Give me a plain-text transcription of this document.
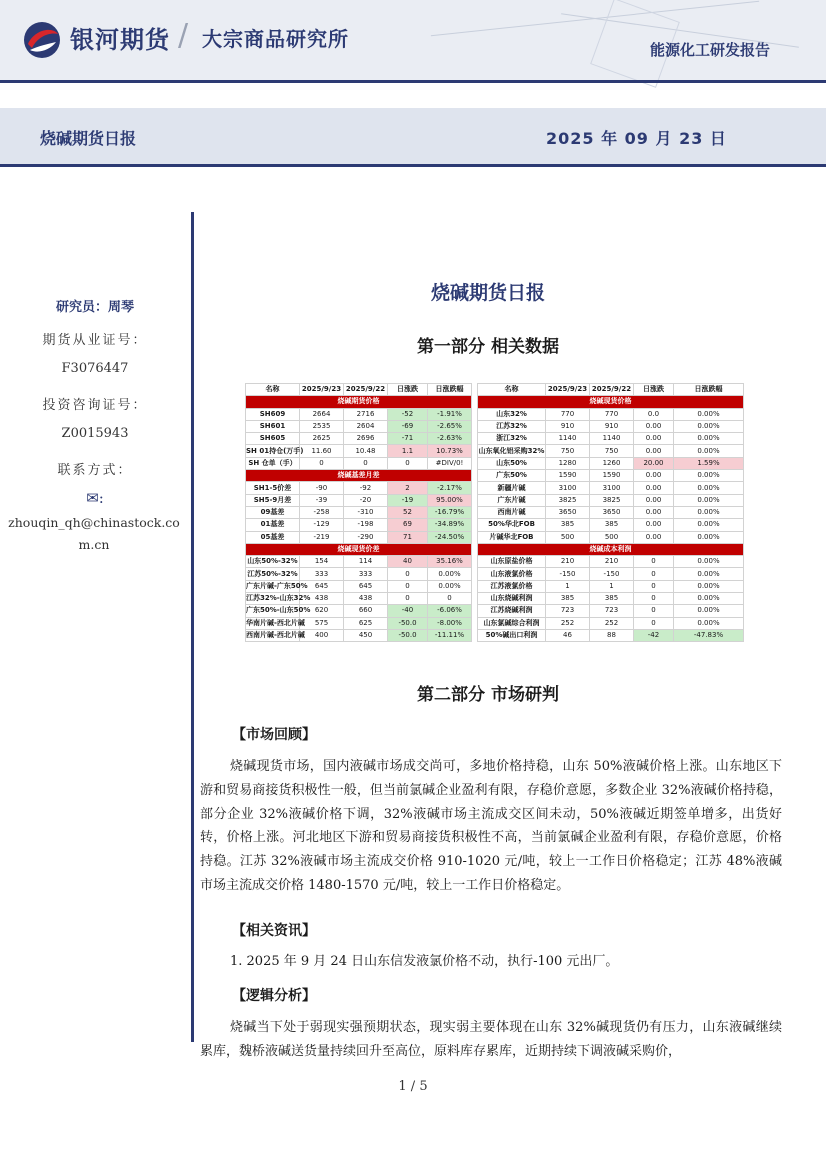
银河期货 / 大宗商品研究所	能源化工研发报告
烧碱期货日报	2025 年 09 月 23 日
研究员：周琴
期货从业证号：
F3076447
投资咨询证号：
Z0015943
联系方式：
✉:
zhouqin_qh@chinastock.com.cn
烧碱期货日报
第一部分 相关数据
名称	2025/9/23	2025/9/22	日涨跌	日涨跌幅		名称	2025/9/23	2025/9/22	日涨跌	日涨跌幅
烧碱期货价格						烧碱现货价格				
SH609	2664	2716	-52	-1.91%		山东32%	770	770	0.0	0.00%
SH601	2535	2604	-69	-2.65%		江苏32%	910	910	0.00	0.00%
SH605	2625	2696	-71	-2.63%		浙江32%	1140	1140	0.00	0.00%
SH 01持仓(万手)	11.60	10.48	1.1	10.73%		山东氧化铝采购32%	750	750	0.00	0.00%
SH 仓单（手）	0	0	0	#DIV/0!		山东50%	1280	1260	20.00	1.59%
烧碱基差月差						广东50%	1590	1590	0.00	0.00%
SH1-5价差	-90	-92	2	-2.17%		新疆片碱	3100	3100	0.00	0.00%
SH5-9月差	-39	-20	-19	95.00%		广东片碱	3825	3825	0.00	0.00%
09基差	-258	-310	52	-16.79%		西南片碱	3650	3650	0.00	0.00%
01基差	-129	-198	69	-34.89%		50%华北FOB	385	385	0.00	0.00%
05基差	-219	-290	71	-24.50%		片碱华北FOB	500	500	0.00	0.00%
烧碱现货价差						烧碱成本利润				
山东50%-32%	154	114	40	35.16%		山东原盐价格	210	210	0	0.00%
江苏50%-32%	333	333	0	0.00%		山东液氯价格	-150	-150	0	0.00%
广东片碱-广东50%	645	645	0	0.00%		江苏液氯价格	1	1	0	0.00%
江苏32%-山东32%	438	438	0	0		山东烧碱利润	385	385	0	0.00%
广东50%-山东50%	620	660	-40	-6.06%		江苏烧碱利润	723	723	0	0.00%
华南片碱-西北片碱	575	625	-50.0	-8.00%		山东氯碱综合利润	252	252	0	0.00%
西南片碱-西北片碱	400	450	-50.0	-11.11%		50%碱出口利润	46	88	-42	-47.83%
第二部分 市场研判
【市场回顾】
烧碱现货市场，国内液碱市场成交尚可，多地价格持稳，山东 50%液碱价格上涨。山东地区下游和贸易商接货积极性一般，但当前氯碱企业盈利有限，存稳价意愿，多数企业 32%液碱价格持稳，部分企业 32%液碱价格下调，32%液碱市场主流成交区间未动，50%液碱近期签单增多，出货好转，价格上涨。河北地区下游和贸易商接货积极性不高，当前氯碱企业盈利有限，存稳价意愿，价格持稳。江苏 32%液碱市场主流成交价格 910-1020 元/吨，较上一工作日价格稳定；江苏 48%液碱市场主流成交价格 1480-1570 元/吨，较上一工作日价格稳定。
【相关资讯】
1. 2025 年 9 月 24 日山东信发液氯价格不动，执行-100 元出厂。
【逻辑分析】
烧碱当下处于弱现实强预期状态，现实弱主要体现在山东 32%碱现货仍有压力，山东液碱继续累库，魏桥液碱送货量持续回升至高位，原料库存累库，近期持续下调液碱采购价，
1 / 5
